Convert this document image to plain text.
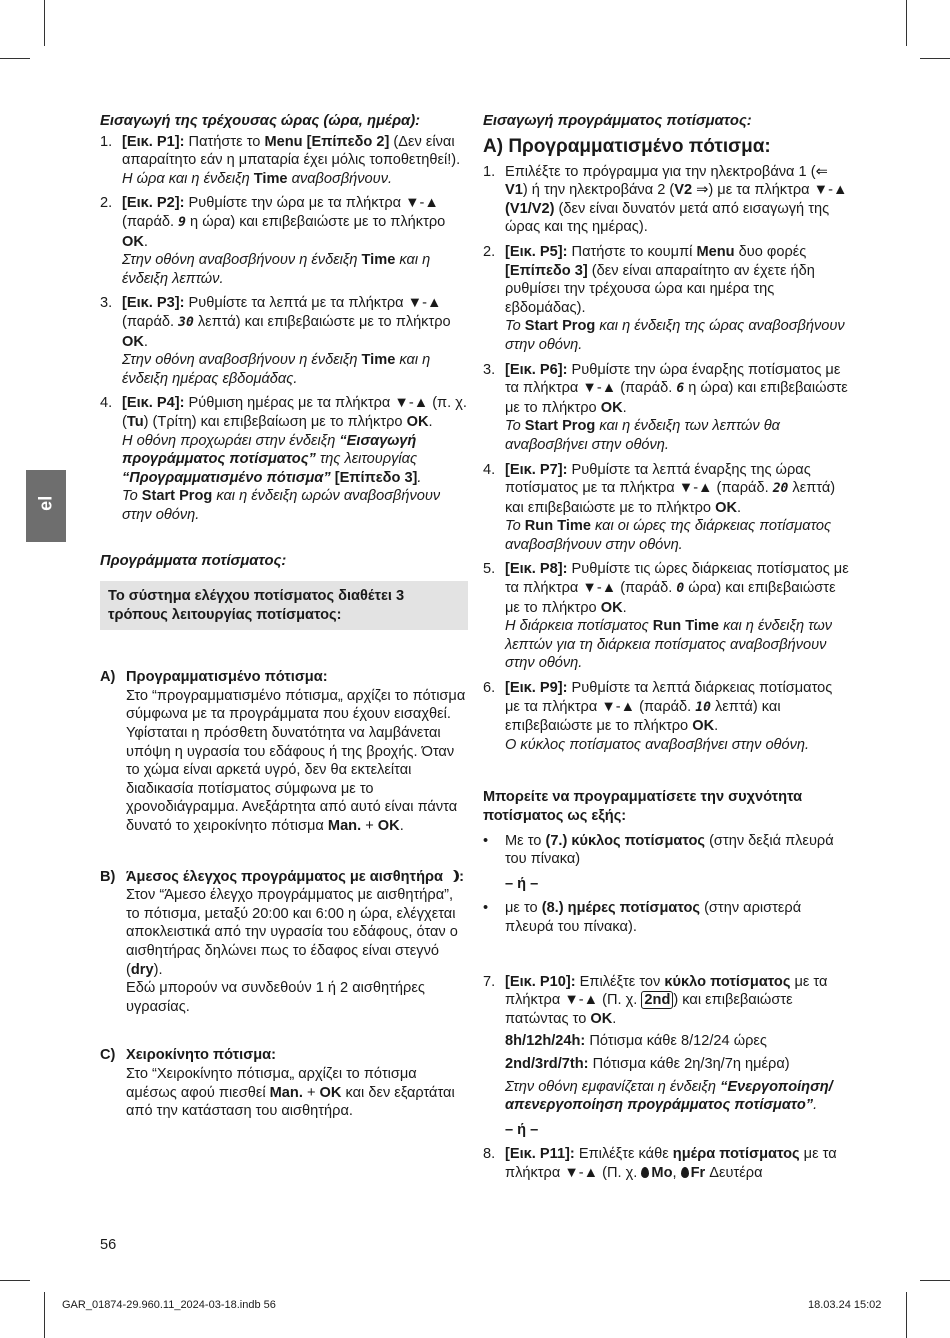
el

Εισαγωγή της τρέχουσας ώρας (ώρα, ημέρα):

1. [Εικ. P1]: Πατήστε το Menu [Επίπεδο 2] (Δεν είναι απαραίτητο εάν η μπαταρία έχει μόλις τοποθετηθεί!).
Η ώρα και η ένδειξη Time αναβοσβήνουν.
2. [Εικ. P2]: Ρυθμίστε την ώρα με τα πλήκτρα ▼-▲ (παράδ. 9 η ώρα) και επιβεβαιώστε με το πλήκτρο OK.
Στην οθόνη αναβοσβήνουν η ένδειξη Time και η ένδειξη λεπτών.
3. [Εικ. P3]: Ρυθμίστε τα λεπτά με τα πλήκτρα ▼-▲ (παράδ. 30 λεπτά) και επιβεβαιώστε με το πλήκτρο OK.
Στην οθόνη αναβοσβήνουν η ένδειξη Time και η ένδειξη ημέρας εβδομάδας.
4. [Εικ. P4]: Ρύθμιση ημέρας με τα πλήκτρα ▼-▲ (π. χ. (Tu) (Τρίτη) και επιβεβαίωση με το πλήκτρο OK.
Η οθόνη προχωράει στην ένδειξη “Εισαγωγή προγράμματος ποτίσματος” της λειτουργίας “Προγραμματισμένο πότισμα” [Επίπεδο 3].
Το Start Prog και η ένδειξη ωρών αναβοσβήνουν στην οθόνη.

Προγράμματα ποτίσματος:

Το σύστημα ελέγχου ποτίσματος διαθέτει 3 τρόπους λειτουργίας ποτίσματος:

A) Προγραμματισμένο πότισμα:
Στο “προγραμματισμένο πότισμα„ αρχίζει το πότισμα σύμφωνα με τα προγράμματα που έχουν εισαχθεί. Υφίσταται η πρόσθετη δυνατότητα να λαμβάνεται υπόψη η υγρασία του εδάφους ή της βροχής. Όταν το χώμα είναι αρκετά υγρό, δεν θα εκτελείται διαδικασία ποτίσματος σύμφωνα με το χρονοδιάγραμμα. Ανεξάρτητα από αυτό είναι πάντα δυνατό το χειροκίνητο πότισμα Man. + OK.
B) Άμεσος έλεγχος προγράμματος με αισθητήρα :
Στον “Άμεσο έλεγχο προγράμματος με αισθητήρα”, το πότισμα, μεταξύ 20:00 και 6:00 η ώρα, ελέγχεται αποκλειστικά από την υγρασία του εδάφους, όταν ο αισθητήρας δηλώνει πως το έδαφος είναι στεγνό (dry).
Εδώ μπορούν να συνδεθούν 1 ή 2 αισθητήρες υγρασίας.
C) Χειροκίνητο πότισμα:
Στο “Χειροκίνητο πότισμα„ αρχίζει το πότισμα αμέσως αφού πιεσθεί Man. + OK και δεν εξαρτάται από την κατάσταση του αισθητήρα.

Εισαγωγή προγράμματος ποτίσματος:

A) Προγραμματισμένο πότισμα:

1. Επιλέξτε το πρόγραμμα για την ηλεκτροβάνα 1 (⇐ V1) ή την ηλεκτροβάνα 2 (V2 ⇒) με τα πλήκτρα ▼-▲ (V1/V2) (δεν είναι δυνατόν μετά από εισαγωγή της ώρας και της ημέρας).
2. [Εικ. P5]: Πατήστε το κουμπί Menu δυο φορές [Επίπεδο 3] (δεν είναι απαραίτητο αν έχετε ήδη ρυθμίσει την τρέχουσα ώρα και ημέρα της εβδομάδας).
Το Start Prog και η ένδειξη της ώρας αναβοσβήνουν στην οθόνη.
3. [Εικ. P6]: Ρυθμίστε την ώρα έναρξης ποτίσματος με τα πλήκτρα ▼-▲ (παράδ. 6 η ώρα) και επιβεβαιώστε με το πλήκτρο OK.
Το Start Prog και η ένδειξη των λεπτών θα αναβοσβήνει στην οθόνη.
4. [Εικ. P7]: Ρυθμίστε τα λεπτά έναρξης της ώρας ποτίσματος με τα πλήκτρα ▼-▲ (παράδ. 20 λεπτά) και επιβεβαιώστε με το πλήκτρο OK.
Το Run Time και οι ώρες της διάρκειας ποτίσματος αναβοσβήνουν στην οθόνη.
5. [Εικ. P8]: Ρυθμίστε τις ώρες διάρκειας ποτίσματος με τα πλήκτρα ▼-▲ (παράδ. 0 ώρα) και επιβεβαιώστε με το πλήκτρο OK.
Η διάρκεια ποτίσματος Run Time και η ένδειξη των λεπτών για τη διάρκεια ποτίσματος αναβοσβήνουν στην οθόνη.
6. [Εικ. P9]: Ρυθμίστε τα λεπτά διάρκειας ποτίσματος με τα πλήκτρα ▼-▲ (παράδ. 10 λεπτά) και επιβεβαιώστε με το πλήκτρο OK.
Ο κύκλος ποτίσματος αναβοσβήνει στην οθόνη.

Μπορείτε να προγραμματίσετε την συχνότητα ποτίσματος ως εξής:

• Με το (7.) κύκλος ποτίσματος (στην δεξιά πλευρά του πίνακα)
– ή –
• με το (8.) ημέρες ποτίσματος (στην αριστερά πλευρά του πίνακα).
7. [Εικ. P10]: Επιλέξτε τον κύκλο ποτίσματος με τα πλήκτρα ▼-▲ (Π. χ. 2nd ) και επιβεβαιώστε πατώντας το OK.
8h/12h/24h: Πότισμα κάθε 8/12/24 ώρες
2nd/3rd/7th: Πότισμα κάθε 2η/3η/7η ημέρα)
Στην οθόνη εμφανίζεται η ένδειξη “Ενεργοποίηση/απενεργοποίηση προγράμματος ποτίσματο”.
– ή –
8. [Εικ. P11]: Επιλέξτε κάθε ημέρα ποτίσματος με τα πλήκτρα ▼-▲ (Π. χ. Mo, Fr Δευτέρα
56
GAR_01874-29.960.11_2024-03-18.indb 56	18.03.24 15:02
